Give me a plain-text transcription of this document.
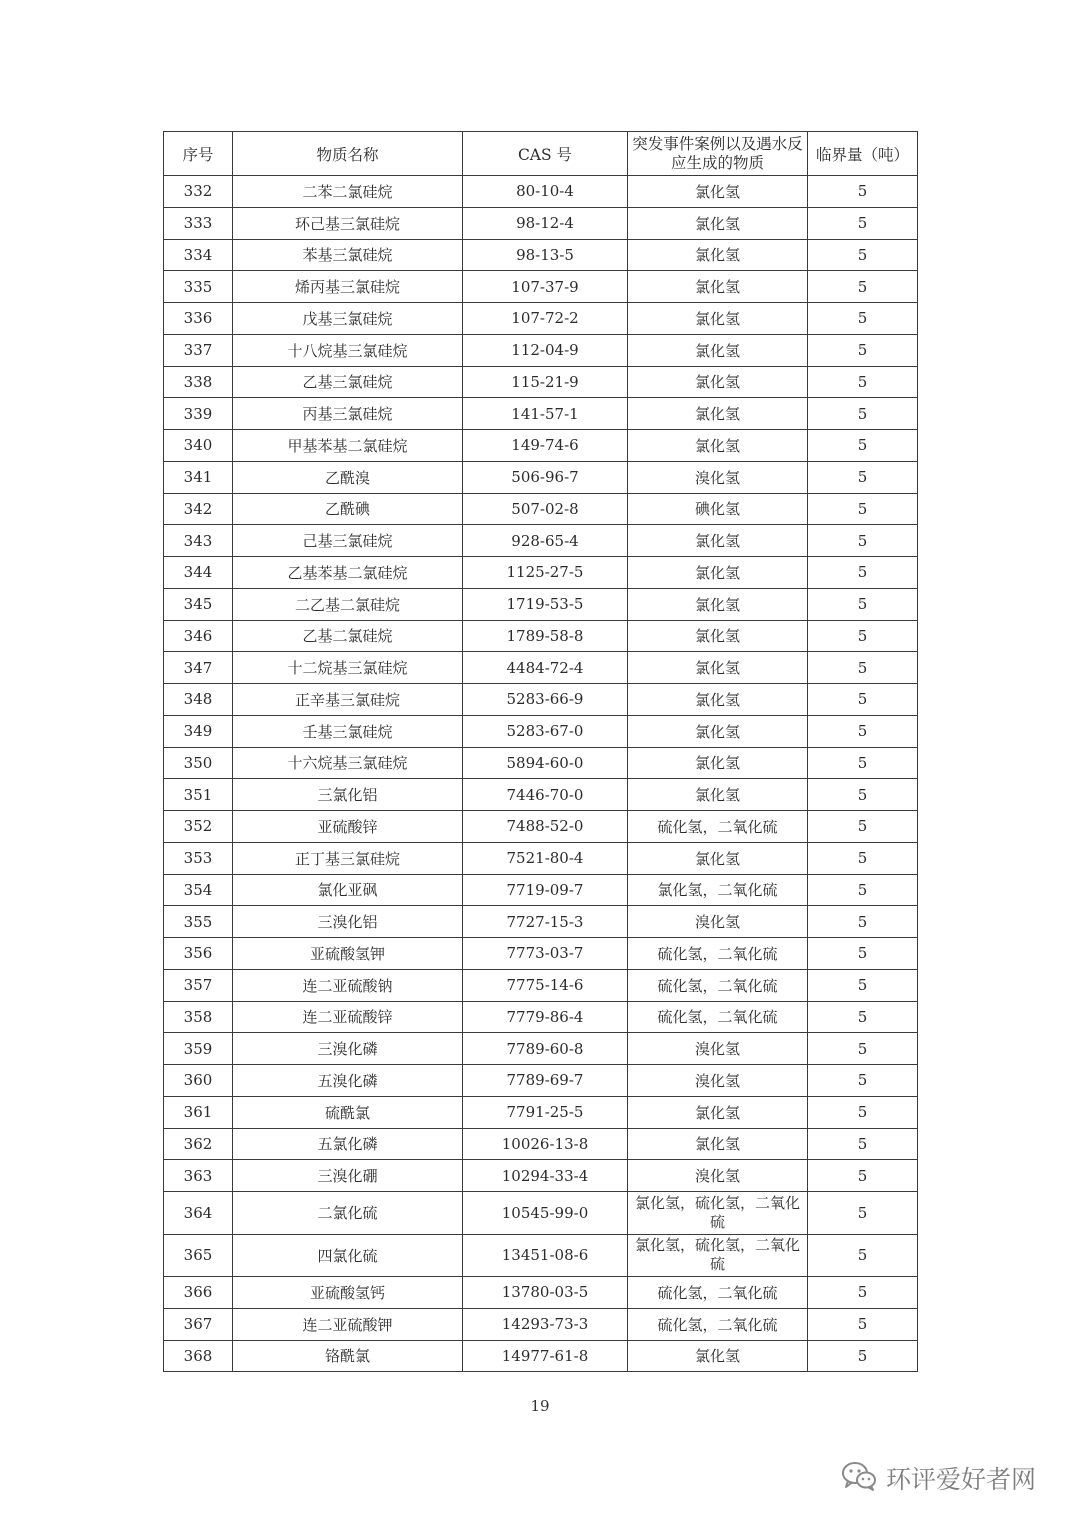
序号	物质名称	CAS 号	突发事件案例以及遇水反应生成的物质	临界量（吨）
332	二苯二氯硅烷	80-10-4	氯化氢	5
333	环己基三氯硅烷	98-12-4	氯化氢	5
334	苯基三氯硅烷	98-13-5	氯化氢	5
335	烯丙基三氯硅烷	107-37-9	氯化氢	5
336	戊基三氯硅烷	107-72-2	氯化氢	5
337	十八烷基三氯硅烷	112-04-9	氯化氢	5
338	乙基三氯硅烷	115-21-9	氯化氢	5
339	丙基三氯硅烷	141-57-1	氯化氢	5
340	甲基苯基二氯硅烷	149-74-6	氯化氢	5
341	乙酰溴	506-96-7	溴化氢	5
342	乙酰碘	507-02-8	碘化氢	5
343	己基三氯硅烷	928-65-4	氯化氢	5
344	乙基苯基二氯硅烷	1125-27-5	氯化氢	5
345	二乙基二氯硅烷	1719-53-5	氯化氢	5
346	乙基二氯硅烷	1789-58-8	氯化氢	5
347	十二烷基三氯硅烷	4484-72-4	氯化氢	5
348	正辛基三氯硅烷	5283-66-9	氯化氢	5
349	壬基三氯硅烷	5283-67-0	氯化氢	5
350	十六烷基三氯硅烷	5894-60-0	氯化氢	5
351	三氯化铝	7446-70-0	氯化氢	5
352	亚硫酸锌	7488-52-0	硫化氢，二氧化硫	5
353	正丁基三氯硅烷	7521-80-4	氯化氢	5
354	氯化亚砜	7719-09-7	氯化氢，二氧化硫	5
355	三溴化铝	7727-15-3	溴化氢	5
356	亚硫酸氢钾	7773-03-7	硫化氢，二氧化硫	5
357	连二亚硫酸钠	7775-14-6	硫化氢，二氧化硫	5
358	连二亚硫酸锌	7779-86-4	硫化氢，二氧化硫	5
359	三溴化磷	7789-60-8	溴化氢	5
360	五溴化磷	7789-69-7	溴化氢	5
361	硫酰氯	7791-25-5	氯化氢	5
362	五氯化磷	10026-13-8	氯化氢	5
363	三溴化硼	10294-33-4	溴化氢	5
364	二氯化硫	10545-99-0	氯化氢，硫化氢，二氧化硫	5
365	四氯化硫	13451-08-6	氯化氢，硫化氢，二氧化硫	5
366	亚硫酸氢钙	13780-03-5	硫化氢，二氧化硫	5
367	连二亚硫酸钾	14293-73-3	硫化氢，二氧化硫	5
368	铬酰氯	14977-61-8	氯化氢	5
19
环评爱好者网
